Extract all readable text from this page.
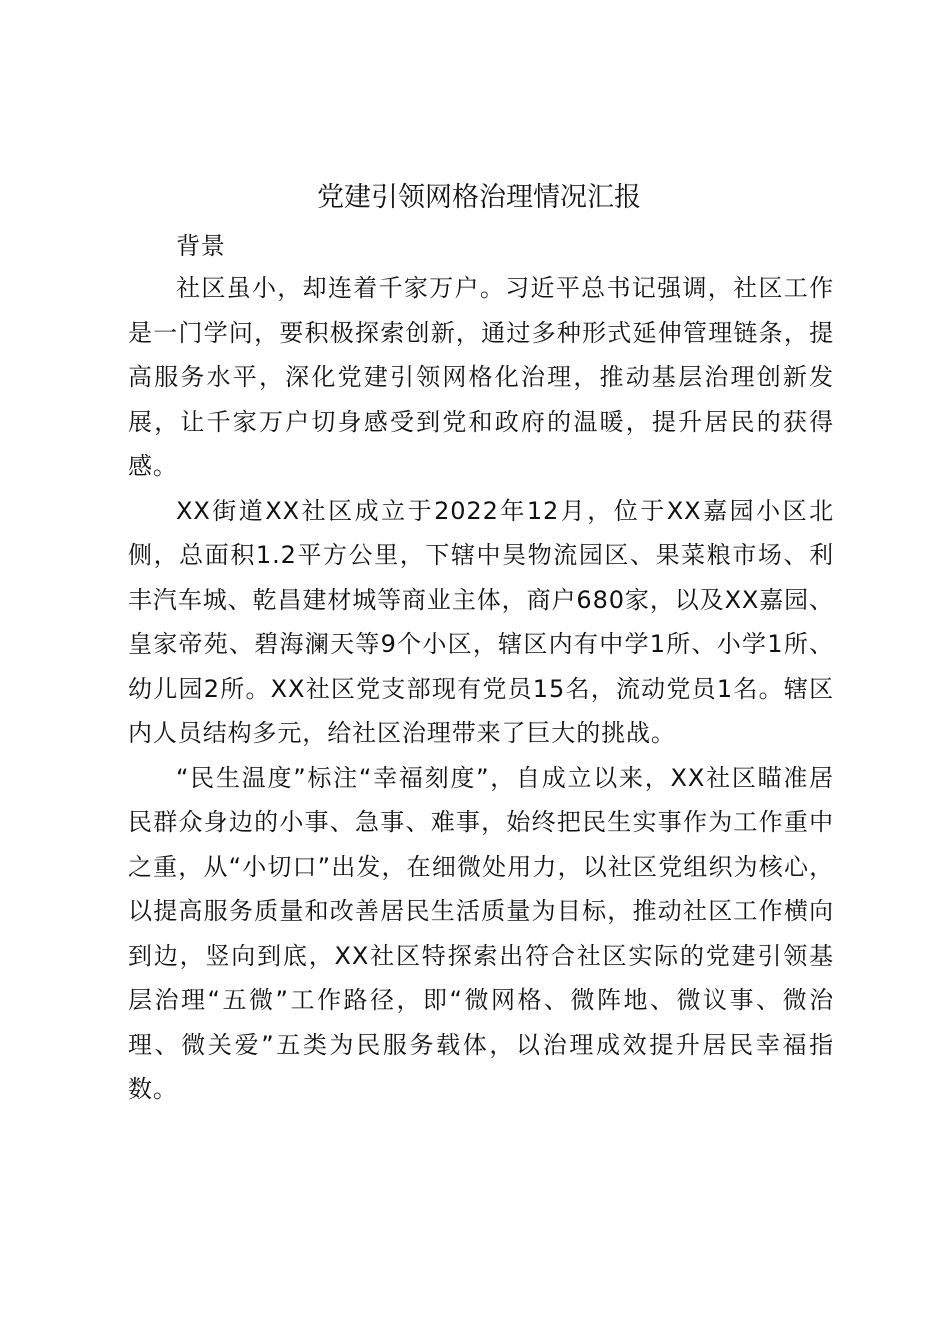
党建引领网格治理情况汇报
背景

社区虽小，却连着千家万户。习近平总书记强调，社区工作是一门学问，要积极探索创新，通过多种形式延伸管理链条，提高服务水平，深化党建引领网格化治理，推动基层治理创新发展，让千家万户切身感受到党和政府的温暖，提升居民的获得感。

XX街道XX社区成立于2022年12月，位于XX嘉园小区北侧，总面积1.2平方公里，下辖中昊物流园区、果菜粮市场、利丰汽车城、乾昌建材城等商业主体，商户680家，以及XX嘉园、皇家帝苑、碧海澜天等9个小区，辖区内有中学1所、小学1所、幼儿园2所。XX社区党支部现有党员15名，流动党员1名。辖区内人员结构多元，给社区治理带来了巨大的挑战。

“民生温度”标注“幸福刻度”，自成立以来，XX社区瞄准居民群众身边的小事、急事、难事，始终把民生实事作为工作重中之重，从“小切口”出发，在细微处用力，以社区党组织为核心，以提高服务质量和改善居民生活质量为目标，推动社区工作横向到边，竖向到底，XX社区特探索出符合社区实际的党建引领基层治理“五微”工作路径，即“微网格、微阵地、微议事、微治理、微关爱”五类为民服务载体，以治理成效提升居民幸福指数。
